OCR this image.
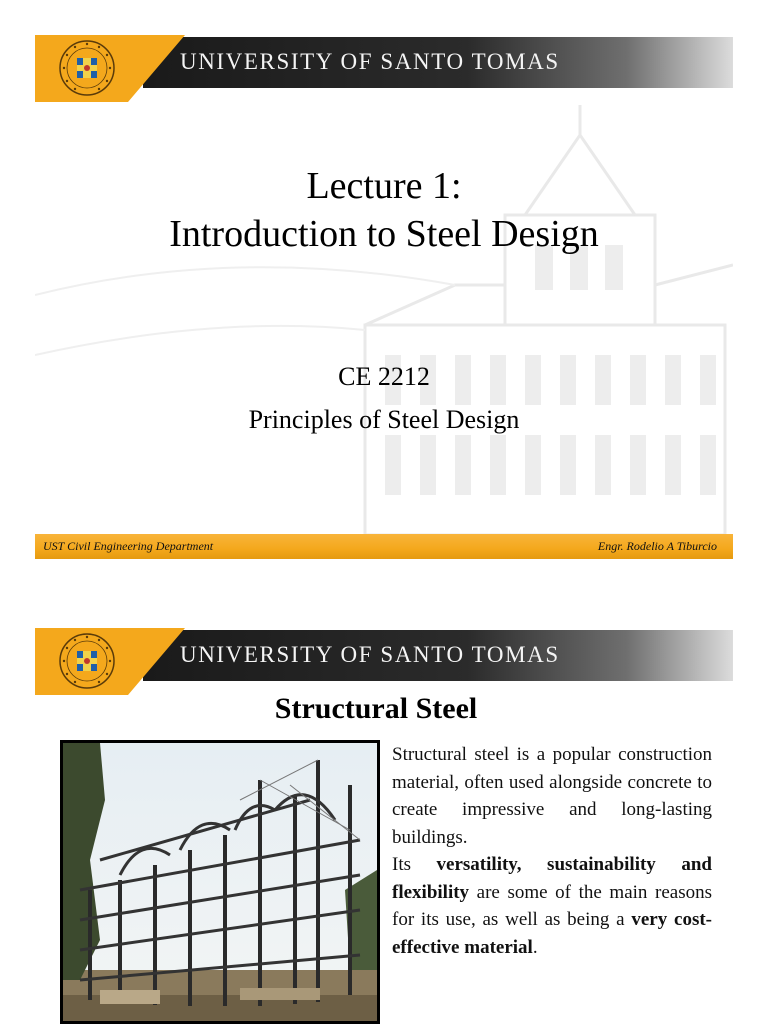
UNIVERSITY OF SANTO TOMAS
Lecture 1:
Introduction to Steel Design
CE 2212
Principles of Steel Design
UST Civil Engineering Department	Engr. Rodelio A Tiburcio
UNIVERSITY OF SANTO TOMAS
Structural Steel
Structural steel is a popular construction material, often used alongside concrete to create impressive and long-lasting buildings.
Its versatility, sustainability and flexibility are some of the main reasons for its use, as well as being a very cost-effective material.
